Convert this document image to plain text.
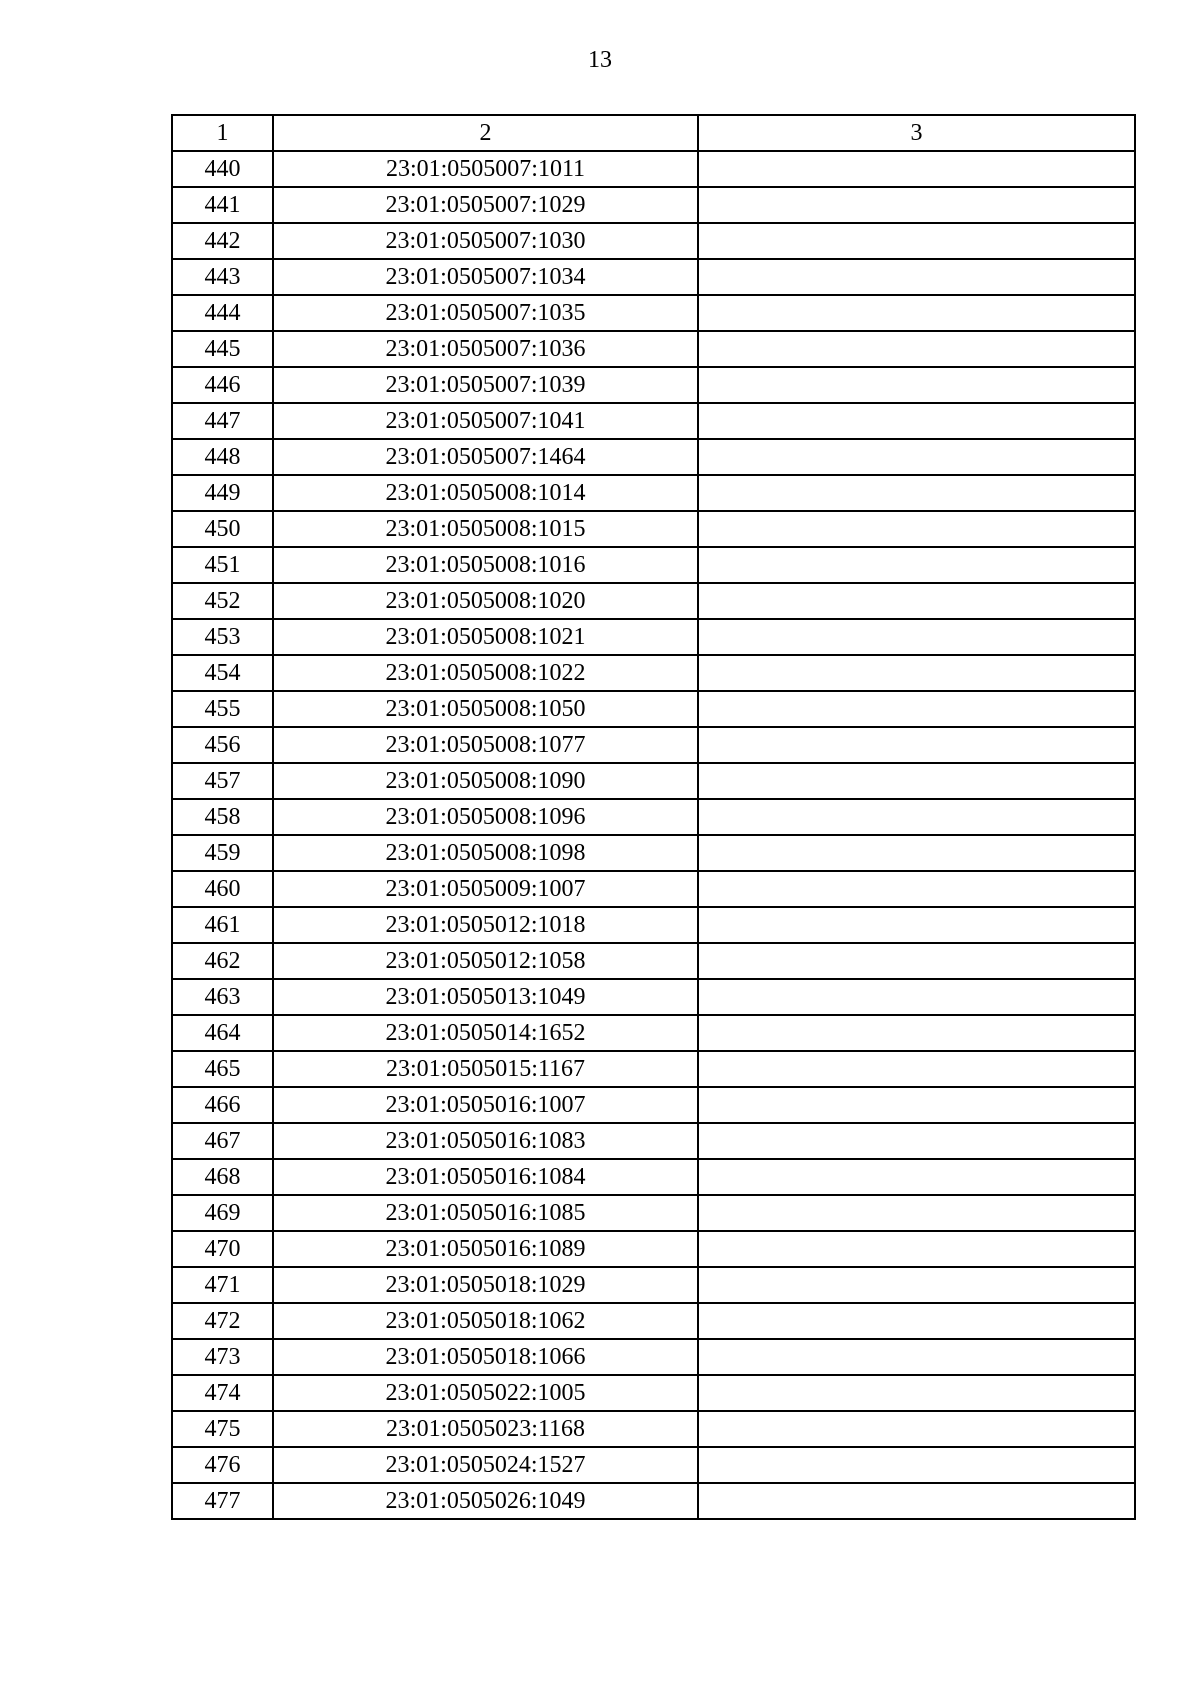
13
1	2	3
440	23:01:0505007:1011	
441	23:01:0505007:1029	
442	23:01:0505007:1030	
443	23:01:0505007:1034	
444	23:01:0505007:1035	
445	23:01:0505007:1036	
446	23:01:0505007:1039	
447	23:01:0505007:1041	
448	23:01:0505007:1464	
449	23:01:0505008:1014	
450	23:01:0505008:1015	
451	23:01:0505008:1016	
452	23:01:0505008:1020	
453	23:01:0505008:1021	
454	23:01:0505008:1022	
455	23:01:0505008:1050	
456	23:01:0505008:1077	
457	23:01:0505008:1090	
458	23:01:0505008:1096	
459	23:01:0505008:1098	
460	23:01:0505009:1007	
461	23:01:0505012:1018	
462	23:01:0505012:1058	
463	23:01:0505013:1049	
464	23:01:0505014:1652	
465	23:01:0505015:1167	
466	23:01:0505016:1007	
467	23:01:0505016:1083	
468	23:01:0505016:1084	
469	23:01:0505016:1085	
470	23:01:0505016:1089	
471	23:01:0505018:1029	
472	23:01:0505018:1062	
473	23:01:0505018:1066	
474	23:01:0505022:1005	
475	23:01:0505023:1168	
476	23:01:0505024:1527	
477	23:01:0505026:1049	
